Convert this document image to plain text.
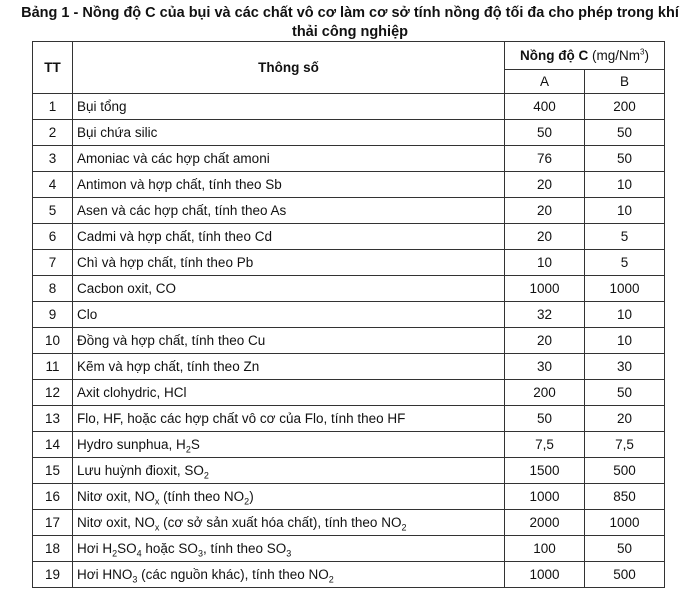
Bảng 1 - Nồng độ C của bụi và các chất vô cơ làm cơ sở tính nồng độ tối đa cho phép trong khí
thải công nghiệp
TT	Thông số	Nồng độ C (mg/Nm$^3$)	
		A	B
1	Bụi tổng	400	200
2	Bụi chứa silic	50	50
3	Amoniac và các hợp chất amoni	76	50
4	Antimon và hợp chất, tính theo Sb	20	10
5	Asen và các hợp chất, tính theo As	20	10
6	Cadmi và hợp chất, tính theo Cd	20	5
7	Chì và hợp chất, tính theo Pb	10	5
8	Cacbon oxit, CO	1000	1000
9	Clo	32	10
10	Đồng và hợp chất, tính theo Cu	20	10
11	Kẽm và hợp chất, tính theo Zn	30	30
12	Axit clohydric, HCl	200	50
13	Flo, HF, hoặc các hợp chất vô cơ của Flo, tính theo HF	50	20
14	Hydro sunphua, $H_2S$	7,5	7,5
15	Lưu huỳnh đioxit, $SO_2$	1500	500
16	Nitơ oxit, $NO_x$ (tính theo $NO_2$)	1000	850
17	Nitơ oxit, $NO_x$ (cơ sở sản xuất hóa chất), tính theo $NO_2$	2000	1000
18	Hơi $H_2SO_4$ hoặc $SO_3$, tính theo $SO_3$	100	50
19	Hơi $HNO_3$ (các nguồn khác), tính theo $NO_2$	1000	500
